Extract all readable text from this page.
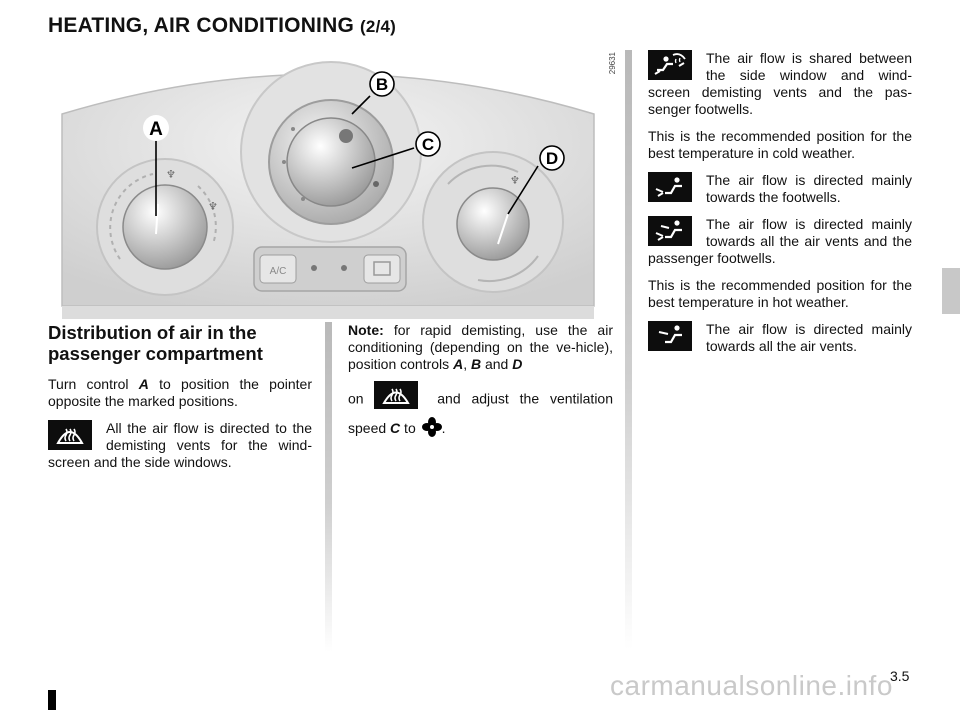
HEATING, AIR CONDITIONING (2/4)
♆
♆
♆
A/C
A
B
C
D
29631
Distribution of air in the passenger compartment

Turn control A to position the pointer opposite the marked positions.

All the air flow is directed to the demisting vents for the wind-screen and the side windows.

Note: for rapid demisting, use the air conditioning (depending on the ve-hicle), position controls A, B and D

on	and adjust the ventilation speed C to .

The air flow is shared between the side window and wind-screen demisting vents and the pas-senger footwells.

This is the recommended position for the best temperature in cold weather.

The air flow is directed mainly towards the footwells.
The air flow is directed mainly towards all the air vents and the passenger footwells.

This is the recommended position for the best temperature in hot weather.

The air flow is directed mainly towards all the air vents.
3.5
carmanualsonline.info
